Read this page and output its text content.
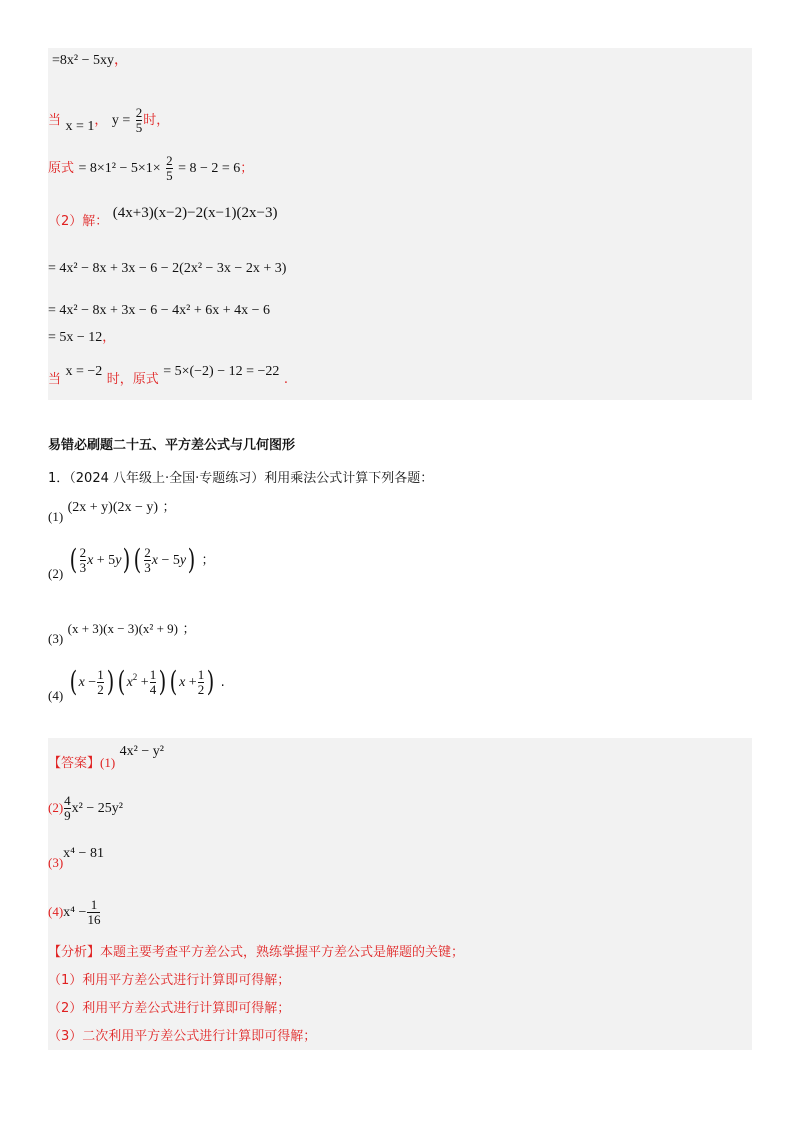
=8x² − 5xy，
当 x = 1， $y = \frac{2}{5}$ 时，
原式 = $8\times 1^2 - 5\times 1\times \frac{2}{5} = 8 - 2 = 6$；
（2）解： (4x+3)(x−2)−2(x−1)(2x−3)
= 4x² − 8x + 3x − 6 − 2(2x² − 3x − 2x + 3)
= 4x² − 8x + 3x − 6 − 4x² + 6x + 4x − 6
= 5x − 12，
当 x = −2 时，原式 = 5×(−2) − 12 = −22 .
易错必刷题二十五、平方差公式与几何图形
1．（2024 八年级上·全国·专题练习）利用乘法公式计算下列各题：
(1) (2x + y)(2x − y) ；
(2) ( $\frac{2}{3}$ x + 5y) ( $\frac{2}{3}$ x − 5y) ；
(3) (x + 3)(x − 3)(x² + 9) ；
(4) ( $x - \frac{1}{2}$ ) ( $x^2 + \frac{1}{4}$ ) ( $x + \frac{1}{2}$ ) .
【答案】(1) 4x² − y²
$(2) \frac{4}{9} x^2 - 25y^2$
(3)x⁴ − 81
$(4)x^4 - \frac{1}{16}$
【分析】本题主要考查平方差公式，熟练掌握平方差公式是解题的关键；
（1）利用平方差公式进行计算即可得解；
（2）利用平方差公式进行计算即可得解；
（3）二次利用平方差公式进行计算即可得解；
